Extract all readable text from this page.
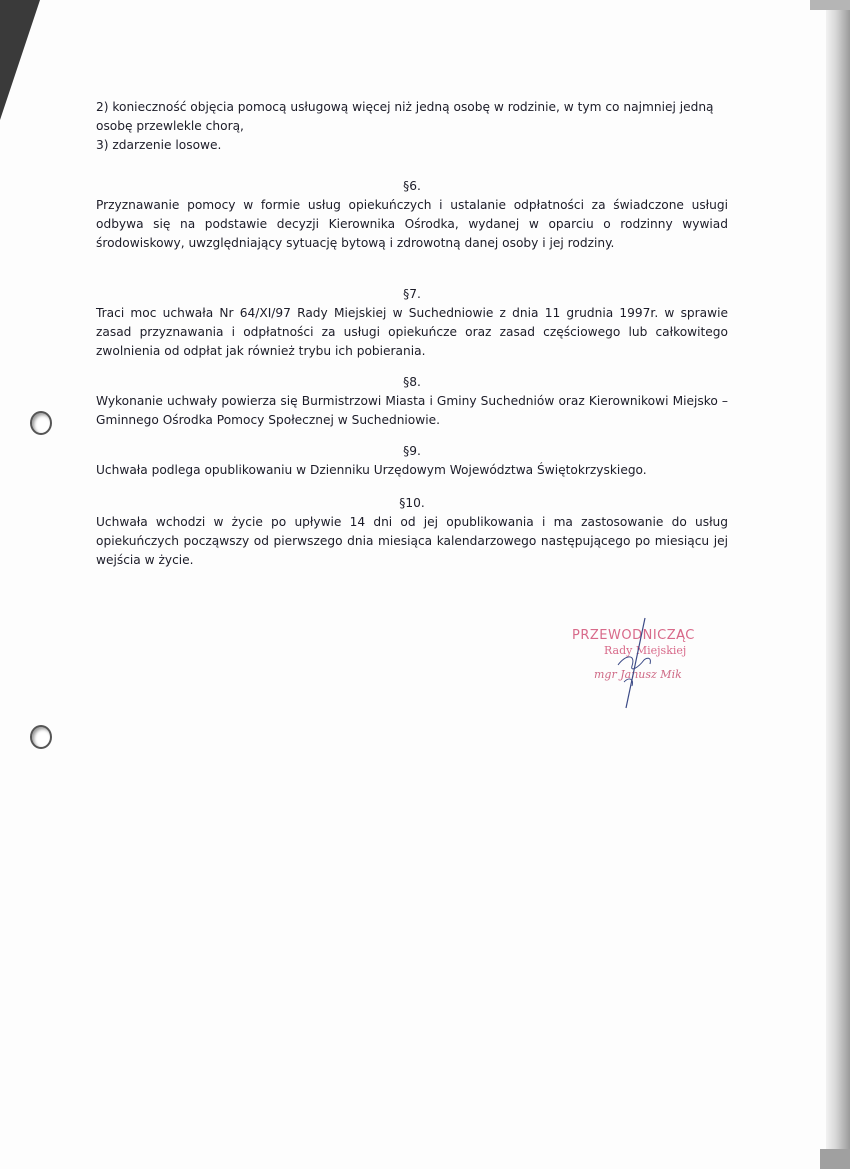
2) konieczność objęcia pomocą usługową więcej niż jedną osobę w rodzinie, w tym co najmniej jedną

osobę przewlekle chorą,

3) zdarzenie losowe.

§6.

Przyznawanie pomocy w formie usług opiekuńczych i ustalanie odpłatności za świadczone usługi odbywa się na podstawie decyzji Kierownika Ośrodka, wydanej w oparciu o rodzinny wywiad środowiskowy, uwzględniający sytuację bytową i zdrowotną danej osoby i jej rodziny.

§7.

Traci moc uchwała Nr 64/XI/97 Rady Miejskiej w Suchedniowie z dnia 11 grudnia 1997r. w sprawie zasad przyznawania i odpłatności za usługi opiekuńcze oraz zasad częściowego lub całkowitego zwolnienia od odpłat jak również trybu ich pobierania.

§8.

Wykonanie uchwały powierza się Burmistrzowi Miasta i Gminy Suchedniów oraz Kierownikowi Miejsko – Gminnego Ośrodka Pomocy Społecznej w Suchedniowie.

§9.

Uchwała podlega opublikowaniu w Dzienniku Urzędowym Województwa Świętokrzyskiego.

§10.

Uchwała wchodzi w życie po upływie 14 dni od jej opublikowania i ma zastosowanie do usług opiekuńczych począwszy od pierwszego dnia miesiąca kalendarzowego następującego po miesiącu jej wejścia w życie.

PRZEWODNICZĄC
Rady Miejskiej
mgr Janusz Mik
